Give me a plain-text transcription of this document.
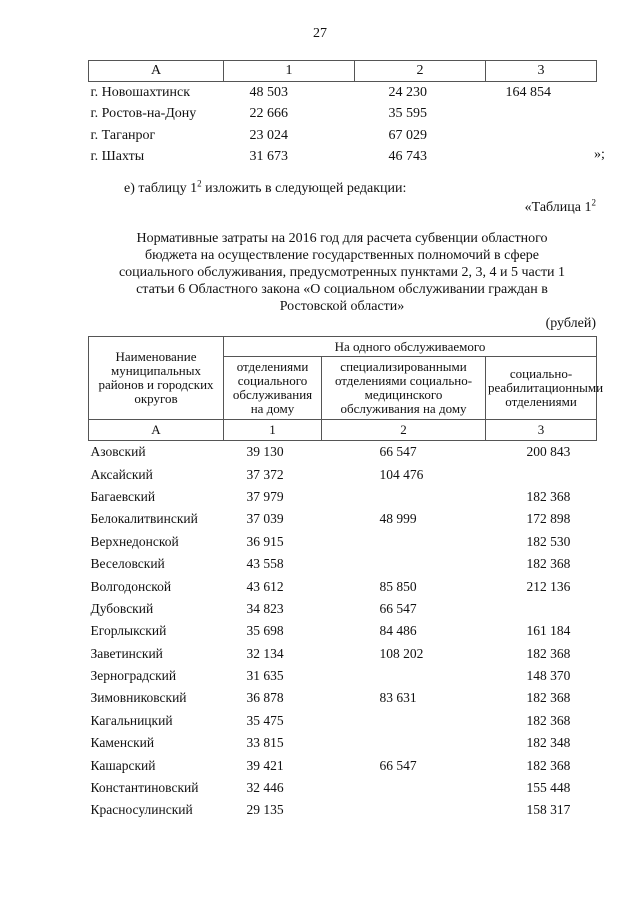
27
А	1	2	3
г. Новошахтинск	48 503	24 230	164 854
г. Ростов-на-Дону	22 666	35 595	
г. Таганрог	23 024	67 029	
г. Шахты	31 673	46 743		»;
е) таблицу $1^2$ изложить в следующей редакции:
«Таблица $1^2$
Нормативные затраты на 2016 год для расчета субвенции областного
бюджета на осуществление государственных полномочий в сфере
социального обслуживания, предусмотренных пунктами 2, 3, 4 и 5 части 1
статьи 6 Областного закона «О социальном обслуживании граждан в
Ростовской области»
(рублей)
Наименование муниципальных районов и городских округов	На одного обслуживаемого		
	отделениями социального обслуживания на дому	специализированными отделениями социально-медицинского обслуживания на дому	социально-реабилитационными отделениями
А	1	2	3
Азовский	39 130	66 547	200 843
Аксайский	37 372	104 476	
Багаевский	37 979		182 368
Белокалитвинский	37 039	48 999	172 898
Верхнедонской	36 915		182 530
Веселовский	43 558		182 368
Волгодонской	43 612	85 850	212 136
Дубовский	34 823	66 547	
Егорлыкский	35 698	84 486	161 184
Заветинский	32 134	108 202	182 368
Зерноградский	31 635		148 370
Зимовниковский	36 878	83 631	182 368
Кагальницкий	35 475		182 368
Каменский	33 815		182 348
Кашарский	39 421	66 547	182 368
Константиновский	32 446		155 448
Красносулинский	29 135		158 317
